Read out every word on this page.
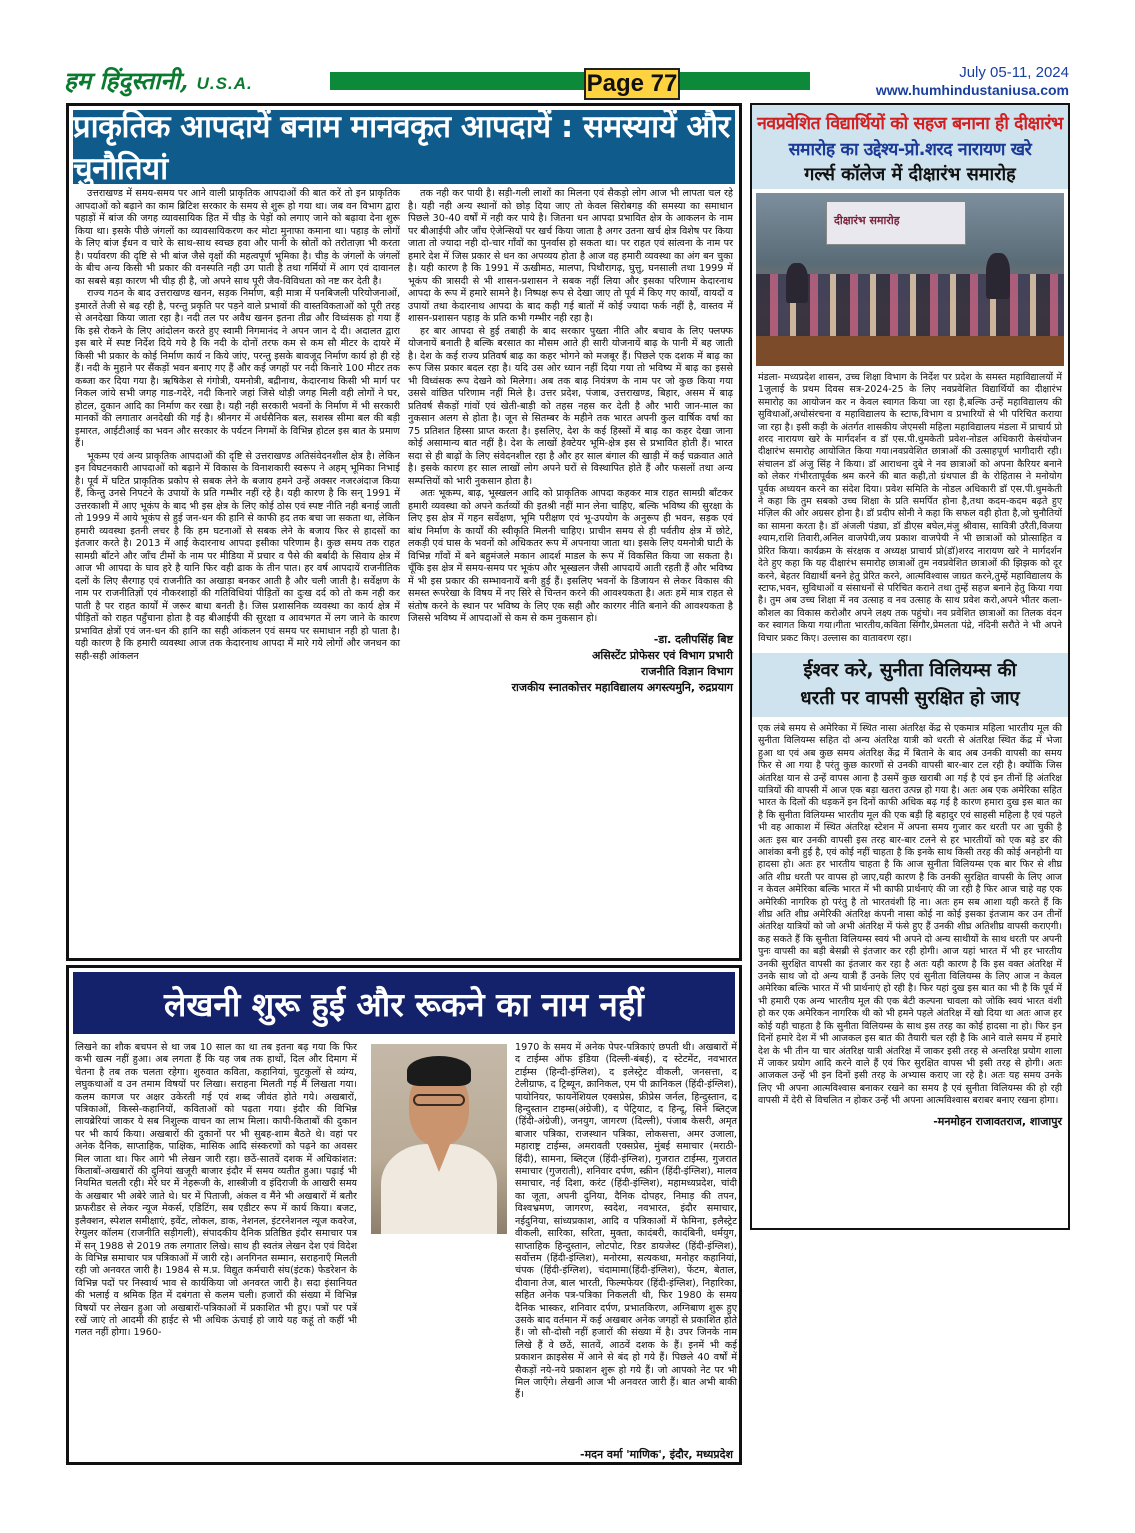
हम हिंदुस्तानी, U.S.A.	Page 77	July 05-11, 2024
www.humhindustaniusa.com
प्राकृतिक आपदायें बनाम मानवकृत आपदायें : समस्यायें और चुनौतियां

उत्तराखण्ड में समय-समय पर आने वाली प्राकृतिक आपदाओं की बात करें तो इन प्राकृतिक आपदाओं को बढ़ाने का काम ब्रिटिश सरकार के समय से शुरू हो गया था। जब वन विभाग द्वारा पहाड़ों में बांज की जगह व्यावसायिक हित में चीड़ के पेड़ों को लगाए जाने को बढ़ावा देना शुरू किया था। इसके पीछे जंगलों का व्यावसायिकरण कर मोटा मुनाफा कमाना था। पहाड़ के लोगों के लिए बांज ईंधन व चारे के साथ-साथ स्वच्छ हवा और पानी के स्रोतों को तरोताज़ा भी करता है। पर्यावरण की दृष्टि से भी बांज जैसे वृक्षों की महत्वपूर्ण भूमिका है। चीड़ के जंगलों के जंगलों के बीच अन्य किसी भी प्रकार की वनस्पति नही उग पाती है तथा गर्मियों में आग एवं दावानल का सबसे बड़ा कारण भी चीड़ ही है, जो अपने साथ पूरी जैव-विविधता को नष्ट कर देती है।

राज्य गठन के बाद उत्तराखण्ड खनन, सड़क निर्माण, बड़ी मात्रा में पनबिजली परियोजनाओं, इमारतें तेजी से बढ़ रही है, परन्तु प्रकृति पर पड़ने वाले प्रभावों की वास्तविकताओं को पूरी तरह से अनदेखा किया जाता रहा है। नदी तल पर अवैध खनन इतना तीव्र और विध्वंसक हो गया हैं कि इसे रोकने के लिए आंदोलन करते हुए स्वामी निगमानंद ने अपन जान दे दी। अदालत द्वारा इस बारे में स्पष्ट निर्देश दिये गये है कि नदी के दोनों तरफ कम से कम सौ मीटर के दायरे में किसी भी प्रकार के कोई निर्माण कार्य न किये जांए, परन्तु इसके बावजूद निर्माण कार्य हो ही रहे हैं। नदी के मुहाने पर सैंकड़ों भवन बनाए गए हैं और कई जगहों पर नदी किनारे 100 मीटर तक कब्जा कर दिया गया है। ऋषिकेश से गंगोत्री, यमनोत्री, बद्रीनाथ, केदारनाथ किसी भी मार्ग पर निकल जांये सभी जगह गाड-गदेरे, नदी किनारे जहां जिसे थोड़ी जगह मिली वही लोगों ने घर, होटल, दुकान आदि का निर्माण कर रखा है। यही नही सरकारी भवनों के निर्माण में भी सरकारी मानकों की लगातार अनदेखी की गई है। श्रीनगर में अर्धसैनिक बल, सशस्त्र सीमा बल की बड़ी इमारत, आईटीआई का भवन और सरकार के पर्यटन निगमों के विभिन्न होटल इस बात के प्रमाण हैं।

भूकम्प एवं अन्य प्राकृतिक आपदाओं की दृष्टि से उत्तराखण्ड अतिसंवेदनशील क्षेत्र है। लेकिन इन विघटनकारी आपदाओं को बढ़ाने में विकास के विनाशकारी स्वरूप ने अहम् भूमिका निभाई है। पूर्व में घटित प्राकृतिक प्रकोप से सबक लेने के बजाय हमने उन्हें अक्सर नजरअंदाज किया हैं, किन्तु उनसे निपटने के उपायों के प्रति गम्भीर नहीं रहे है। यही कारण है कि सन् 1991 में उत्तरकाशी में आए भूकंप के बाद भी इस क्षेत्र के लिए कोई ठोस एवं स्पष्ट नीति नही बनाई जाती तो 1999 में आये भूकंप से हुई जन-धन की हानि से काफी हद तक बचा जा सकता था, लेकिन हमारी व्यवस्था इतनी लचर है कि हम घटनाओं से सबक लेने के बजाय फिर से हादसों का इंतजार करते है। 2013 में आई केदारनाथ आपदा इसीका परिणाम है। कुछ समय तक राहत सामग्री बाँटने और जाँच टीमों के नाम पर मीडिया में प्रचार व पैसे की बर्बादी के सिवाय क्षेत्र में आज भी आपदा के घाव हरे है यानि फिर वही ढाक के तीन पात। हर वर्ष आपदायें राजनीतिक दलों के लिए सैरगाह एवं राजनीति का अखाड़ा बनकर आती है और चली जाती है। सर्वेक्षण के नाम पर राजनीतिज्ञों एवं नौकरशाहों की गतिविधियां पीड़ितों का दुःख दर्द को तो कम नही कर पाती है पर राहत कार्यों में जरूर बाधा बनती है। जिस प्रशासनिक व्यवस्था का कार्य क्षेत्र में पीड़ितों को राहत पहुँचाना होता है वह बीआईपी की सुरक्षा व आवभगत में लग जाने के कारण प्रभावित क्षेत्रों एवं जन-धन की हानि का सही आंकलन एवं समय पर समाधान नही हो पाता है। यही कारण है कि हमारी व्यवस्था आज तक केदारनाथ आपदा में मारे गये लोगों और जनधन का सही-सही आंकलन

तक नही कर पायी है। सड़ी-गली लाशों का मिलना एवं सैकड़ो लोग आज भी लापता चल रहे है। यही नही अन्य स्थानों को छोड़ दिया जाए तो केवल सिरोबगड़ की समस्या का समाधान पिछले 30-40 वर्षों में नही कर पाये है। जितना धन आपदा प्रभावित क्षेत्र के आकलन के नाम पर बीआईपी और जाँच ऐजेन्सियों पर खर्च किया जाता है अगर उतना खर्च क्षेत्र विशेष पर किया जाता तो ज्यादा नही दो-चार गाँवों का पुनर्वास हो सकता था। पर राहत एवं सांत्वना के नाम पर हमारे देश में जिस प्रकार से धन का अपव्यय होता है आज वह हमारी व्यवस्था का अंग बन चुका है। यही कारण है कि 1991 में ऊखीमठ, मालपा, पिथौरागढ़, घुत्तु, घनसाली तथा 1999 में भूकंप की त्रासदी से भी शासन-प्रशासन ने सबक नहीं लिया और इसका परिणाम केदारनाथ आपदा के रूप में हमारे सामने है। निष्पक्ष रूप से देखा जाए तो पूर्व में किए गए कार्यों, वायदों व उपायों तथा केदारनाथ आपदा के बाद कही गई बातों में कोई ज्यादा फर्क नहीं है, वास्तव में शासन-प्रशासन पहाड़ के प्रति कभी गम्भीर नही रहा है।

हर बार आपदा से हुई तबाही के बाद सरकार पुख्ता नीति और बचाव के लिए फ्लफ्फ योजनायें बनाती है बल्कि बरसात का मौसम आते ही सारी योजनायें बाढ़ के पानी में बह जाती है। देश के कई राज्य प्रतिवर्ष बाढ़ का कहर भोगने को मजबूर हैं। पिछले एक दशक में बाढ़ का रूप जिस प्रकार बदल रहा है। यदि उस ओर ध्यान नहीं दिया गया तो भविष्य में बाढ़ का इससे भी विध्वंसक रूप देखने को मिलेगा। अब तक बाढ़ नियंत्रण के नाम पर जो कुछ किया गया उससे वांछित परिणाम नहीं मिले है। उत्तर प्रदेश, पंजाब, उत्तराखण्ड, बिहार, असम में बाढ़ प्रतिवर्ष सैकड़ों गांवों एवं खेती-बाड़ी को तहस नहस कर देती है और भारी जान-माल का नुकसान अलग से होता है। जून से सितम्बर के महीने तक भारत अपनी कुल वार्षिक वर्षा का 75 प्रतिशत हिस्सा प्राप्त करता है। इसलिए, देश के कई हिस्सों में बाढ़ का कहर देखा जाना कोई असामान्य बात नहीं है। देश के लाखों हेक्टेयर भूमि-क्षेत्र इस से प्रभावित होती हैं। भारत सदा से ही बाढ़ों के लिए संवेदनशील रहा है और हर साल बंगाल की खाड़ी में कई चक्रवात आते है। इसके कारण हर साल लाखों लोग अपने घरों से विस्थापित होते हैं और फसलों तथा अन्य सम्पत्तियों को भारी नुकसान होता है।

अतः भूकम्प, बाढ़, भूस्खलन आदि को प्राकृतिक आपदा कहकर मात्र राहत सामग्री बाँटकर हमारी व्यवस्था को अपने कर्तव्यों की इतश्री नहीं मान लेना चाहिए, बल्कि भविष्य की सुरक्षा के लिए इस क्षेत्र में गहन सर्वेक्षण, भूमि परीक्षण एवं भू-उपयोग के अनुरूप ही भवन, सड़क एवं बांध निर्माण के कार्यों की स्वीकृति मिलनी चाहिए। प्राचीन समय से ही पर्वतीय क्षेत्र में छोटे, लकड़ी एवं घास के भवनों को अधिकतर रूप में अपनाया जाता था। इसके लिए यमनोत्री घाटी के विभिन्न गाँवों में बने बहुमंजले मकान आदर्श माडल के रूप में विकसित किया जा सकता है। चूँकि इस क्षेत्र में समय-समय पर भूकंप और भूस्खलन जैसी आपदायें आती रहती हैं और भविष्य में भी इस प्रकार की सम्भावनायें बनी हुई हैं। इसलिए भवनों के डिजायन से लेकर विकास की समस्त रूपरेखा के विषय में नए सिरे से चिन्तन करने की आवश्यकता है। अतः हमें मात्र राहत से संतोष करने के स्थान पर भविष्य के लिए एक सही और कारगर नीति बनाने की आवश्यकता है जिससे भविष्य में आपदाओं से कम से कम नुकसान हो।

-डा. दलीपसिंह बिष्ट
असिस्टेंट प्रोफेसर एवं विभाग प्रभारी
राजनीति विज्ञान विभाग
राजकीय स्नातकोत्तर महाविद्यालय अगस्त्यमुनि, रुद्रप्रयाग
नवप्रवेशित विद्यार्थियों को सहज बनाना ही दीक्षारंभ
समारोह का उद्देश्य-प्रो.शरद नारायण खरे
गर्ल्स कॉलेज में दीक्षारंभ समारोह
दीक्षारंभ समारोह
मंडला- मध्यप्रदेश शासन, उच्च शिक्षा विभाग के निर्देश पर प्रदेश के समस्त महाविद्यालयों में 1जुलाई के प्रथम दिवस सत्र-2024-25 के लिए नवप्रवेशित विद्यार्थियों का दीक्षारंभ समारोह का आयोजन कर न केवल स्वागत किया जा रहा है,बल्कि उन्हें महाविद्यालय की सुविधाओं,अधोसंरचना व महाविद्यालय के स्टाफ,विभाग व प्रभारियों से भी परिचित कराया जा रहा है। इसी कड़ी के अंतर्गत शासकीय जेएमसी महिला महाविद्यालय मंडला में प्राचार्य प्रो शरद नारायण खरे के मार्गदर्शन व डॉ एस.पी.धुमकेती प्रवेश-नोडल अधिकारी केसंयोजन दीक्षारंभ समारोह आयोजित किया गया।नवप्रवेशित छात्राओं की उत्साहपूर्ण भागीदारी रही। संचालन डॉ अंजु सिंह ने किया। डॉ आराधना दुबे ने नव छात्राओं को अपना कैरियर बनाने को लेकर गंभीरतापूर्वक श्रम करने की बात कही,तो ग्रंथपाल डी के रोहितास ने मनोयोग पूर्वक अध्ययन करने का संदेश दिया। प्रवेश समिति के नोडल अधिकारी डॉ एस.पी.धुमकेती ने कहा कि तुम सबको उच्च शिक्षा के प्रति समर्पित होना है,तथा कदम-कदम बढ़ते हुए मंज़िल की ओर अग्रसर होना है। डॉ प्रदीप सोनी ने कहा कि सफल वही होता है,जो चुनौतियों का सामना करता है। डॉ अंजली पंड्या, डॉ डीएस बघेल,मंजु श्रीवास, सावित्री उरैती,विजया श्याम,राशि तिवारी,अनिल वाजपेयी,जय प्रकाश वाजपेयी ने भी छात्राओं को प्रोत्साहित व प्रेरित किया। कार्यक्रम के संरक्षक व अध्यक्ष प्राचार्य प्रो(डॉ)शरद नारायण खरे ने मार्गदर्शन देते हुए कहा कि यह दीक्षारंभ समारोह छात्राओं तुम नवप्रवेशित छात्राओं की झिझक को दूर करने, बेहतर विद्यार्थी बनने हेतु प्रेरित करने, आत्मविश्वास जाग्रत करने,तुम्हें महाविद्यालय के स्टाफ,भवन, सुविधाओं व संसाधनों से परिचित कराने तथा तुम्हें सहज बनाने हेतु किया गया है। तुम अब उच्च शिक्षा में नव उत्साह व नव उत्साह के साथ प्रवेश करो,अपने भीतर कला-कौशल का विकास करोऔर अपने लक्ष्य तक पहुंचो। नव प्रवेशित छात्राओं का तिलक वंदन कर स्वागत किया गया।गीता भारतीय,कविता सिंगौर,प्रेमलता पंद्रे, नंदिनी सरौते ने भी अपने विचार प्रकट किए। उल्लास का वातावरण रहा।
ईश्वर करे, सुनीता विलियम्स की
धरती पर वापसी सुरक्षित हो जाए
एक लंबे समय से अमेरिका में स्थित नासा अंतरिक्ष केंद्र से एकमात्र महिला भारतीय मूल की सुनीता विलियम्स सहित दो अन्य अंतरिक्ष यात्री को धरती से अंतरिक्ष स्थित केंद्र में भेजा हुआ था एवं अब कुछ समय अंतरिक्ष केंद्र में बिताने के बाद अब उनकी वापसी का समय फिर से आ गया है परंतु कुछ कारणों से उनकी वापसी बार-बार टल रही है। क्योंकि जिस अंतरिक्ष यान से उन्हें वापस आना है उसमें कुछ खराबी आ गई है एवं इन तीनों हि अंतरिक्ष यात्रियों की वापसी में आज एक बड़ा खतरा उत्पन्न हो गया है। अतः अब एक अमेरिका सहित भारत के दिलों की धड़कनें इन दिनों काफी अधिक बढ़ गई है कारण हमारा दुख इस बात का है कि सुनीता विलियम्स भारतीय मूल की एक बड़ी हि बहादुर एवं साहसी महिला है एवं पहले भी वह आकाश में स्थित अंतरिक्ष स्टेशन में अपना समय गुजार कर धरती पर आ चुकी है अतः इस बार उनकी वापसी इस तरह बार-बार टलने से हर भारतीयों को एक बड़े डर की आशंका बनी हुई है, एवं कोई नहीं चाहता है कि इनके साथ किसी तरह की कोई अनहोनी या हादसा हो। अतः हर भारतीय चाहता है कि आज सुनीता विलियम्स एक बार फिर से शीघ्र अति शीघ्र धरती पर वापस हो जाए,यही कारण है कि उनकी सुरक्षित वापसी के लिए आज न केवल अमेरिका बल्कि भारत में भी काफी प्रार्थनाएं की जा रही है फिर आज चाहे वह एक अमेरिकी नागरिक हो परंतु है तो भारतवंशी हि ना। अतः हम सब आशा यही करते हैं कि शीघ्र अति शीघ्र अमेरिकी अंतरिक्ष कंपनी नासा कोई ना कोई इसका इंतजाम कर उन तीनों अंतरिक्ष यात्रियों को जो अभी अंतरिक्ष में फंसे हुए हैं उनकी शीघ्र अतिशीघ्र वापसी कराएगी। कह सकते हैं कि सुनीता विलियम्स स्वयं भी अपने दो अन्य साथीयों के साथ धरती पर अपनी पुनः वापसी का बड़ी बेसब्री से इंतजार कर रही होगी। आज यहां भारत में भी हर भारतीय उनकी सुरक्षित वापसी का इंतजार कर रहा है अतः यही कारण है कि इस वक्त अंतरिक्ष में उनके साथ जो दो अन्य यात्री हैं उनके लिए एवं सुनीता विलियम्स के लिए आज न केवल अमेरिका बल्कि भारत में भी प्रार्थनाएं हो रही है। फिर यहां दुख इस बात का भी है कि पूर्व में भी हमारी एक अन्य भारतीय मूल की एक बेटी कल्पना चावला को जोकि स्वयं भारत वंशी हो कर एक अमेरिकन नागरिक थी को भी हमने पहले अंतरिक्ष में खो दिया था अतः आज हर कोई यही चाहता है कि सुनीता विलियम्स के साथ इस तरह का कोई हादसा ना हो। फिर इन दिनों हमारे देश में भी आजकल इस बात की तैयारी चल रही है कि आने वाले समय में हमारे देश के भी तीन या चार अंतरिक्ष यात्री अंतरिक्ष में जाकर इसी तरह से अन्तरिक्ष प्रयोग शाला में जाकर प्रयोग आदि करने वाले हैं एवं फिर सुरक्षित वापस भी इसी तरह से होगी। अतः आजकल उन्हें भी इन दिनों इसी तरह के अभ्यास कराए जा रहे है। अतः यह समय उनके लिए भी अपना आत्मविश्वास बनाकर रखने का समय है एवं सुनीता विलियम्स की हो रही वापसी में देरी से विचलित न होकर उन्हें भी अपना आत्मविश्वास बराबर बनाए रखना होगा।
-मनमोहन राजावतराज, शाजापुर
लेखनी शुरू हुई और रूकने का नाम नहीं
लिखने का शौक बचपन से था जब 10 साल का था तब इतना बढ़ गया कि फिर कभी खत्म नहीं हुआ। अब लगता हैं कि यह जब तक हाथों, दिल और दिमाग में चेतना है तब तक चलता रहेगा। शुरुवात कविता, कहानियां, चुटकुलों से व्यंग्य, लघुकथाओं व उन तमाम विषयों पर लिखा। सराहना मिलती गई मैं लिखता गया। कलम कागज पर अक्षर उकेरती गई एवं शब्द जीवंत होते गये। अखबारों, पत्रिकाओं, किस्से-कहानियों, कविताओं को पढ़ता गया। इंदौर की विभिन्न लायब्रेरियां जाकर ये सब निशुल्क वाचन का लाभ मिला। कापी-किताबों की दुकान पर भी कार्य किया। अखबारों की दुकानों पर भी सुबह-शाम बैठते थे। वहां पर अनेक दैनिक, साप्ताहिक, पाक्षिक, मासिक आदि संस्करणों को पढ़ने का अवसर मिल जाता था। फिर आगे भी लेखन जारी रहा। छठें-सातवें दशक में अधिकांशत: किताबों-अखबारों की दुनियां खजूरी बाजार इंदौर में समय व्यतीत हुआ। पढ़ाई भी नियमित चलती रही। मेरे घर में नेहरूजी के, शास्त्रीजी व इंदिराजी के आखरी समय के अखबार भी अबेरे जाते थे। घर में पिताजी, अंकल व मैंने भी अखबारों में बतौर फ्रफरीडर से लेकर न्यूज मेकर्स, एडिटिंग, सब एडीटर रूप में कार्य किया। बजट, इलैक्शन, स्पेशल समीक्षाएं, इवेंट, लोकल, डाक, नेशनल, इंटरनेशनल न्यूज कवरेज, रेग्युलर कॉलम (राजनीति सड़ीगली), संपादकीय दैनिक प्रतिष्ठित इंदौर समाचार पत्र में सन् 1988 से 2019 तक लगातार लिखे। साथ ही स्वतंत्र लेखन देश एवं विदेश के विभिन्न समाचार पत्र पत्रिकाओं में जारी रहे। अनगिनत सम्मान, सराहनाएँ मिलती रही जो अनवरत जारी है। 1984 से म.प्र. विद्युत कर्मचारी संघ(इंटक) फेडरेशन के विभिन्न पदों पर निस्वार्थ भाव से कार्यकिया जो अनवरत जारी है। सदा इंसानियत की भलाई व श्रमिक हित में दबंगता से कलम चली। हजारों की संख्या में विभिन्न विषयों पर लेखन हुआ जो अखबारों-पत्रिकाओं में प्रकाशित भी हुए। पत्रों पर पत्रें रखें जाएं तो आदमी की हाईट से भी अधिक ऊंचाई हो जाये यह कहूं तो कहीं भी गलत नहीं होगा। 1960-
1970 के समय में अनेक पेपर-पत्रिकाएं छपती थी। अखबारों में द टाईम्स ऑफ इंडिया (दिल्ली-बंबई), द स्टेटमेंट, नवभारत टाईम्स (हिन्दी-इंग्लिश), द इलेस्ट्रेट वीकली, जनसत्ता, द टेलीग्राफ, द ट्रिब्यून, क्रानिकल, एम पी क्रानिकल (हिंदी-इंग्लिश), पायोनियर, फायनेंशियल एक्सप्रेस, फ्रीप्रेस जर्नल, हिन्दुस्तान, द हिन्दुस्तान टाइम्स(अंग्रेजी), द पेट्रियाट, द हिन्दू, सिने ब्लिट्ज (हिंदी-अंग्रेजी), जनयुग, जागरण (दिल्ली), पंजाब केसरी, अमृत बाजार पत्रिका, राजस्थान पत्रिका, लोकसत्ता, अमर उजाला, महाराष्ट्र टाईम्स, अमरावती एक्सप्रेस, मुंबई समाचार (मराठी-हिंदी), सामना, ब्लिट्ज (हिंदी-इंग्लिश), गुजरात टाईम्स, गुजरात समाचार (गुजराती), शनिवार दर्पण, स्क्रीन (हिंदी-इंग्लिश), मालव समाचार, नई दिशा, करंट (हिंदी-इंग्लिश), महामध्यप्रदेश, चांदी का जूता, अपनी दुनिया, दैनिक दोपहर, निमाड़ की तपन, विश्वभ्रमण, जागरण, स्वदेश, नवभारत, इंदौर समाचार, नईदुनिया, सांध्यप्रकाश, आदि व पत्रिकाओं में फेमिना, इलैस्ट्रेट वीकली, सारिका, सरिता, मुक्ता, कादंबरी, कादंबिनी, धर्मयुग, साप्ताहिक हिन्दुस्तान, लोटपोट, रिडर डायजेस्ट (हिंदी-इंग्लिश), सर्वोत्तम (हिंदी-इंग्लिश), मनोरमा, सत्यकथा, मनोहर कहानियां, चंपक (हिंदी-इंग्लिश), चंदामामा(हिंदी-इंग्लिश), फेंटम, बेताल, दीवाना तेज, बाल भारती, फिल्मफेयर (हिंदी-इंग्लिश), निहारिका, सहित अनेक पत्र-पत्रिका निकलती थी, फिर 1980 के समय दैनिक भास्कर, शनिवार दर्पण, प्रभातकिरण, अग्निबाण शुरू हुए उसके बाद वर्तमान में कई अखबार अनेक जगहों से प्रकाशित होते हैं। जो सौ-दोसौ नहीं हजारों की संख्या में है। उपर जिनके नाम लिखे हैं वे छठें, सातवें, आठवें दशक के हैं। इनमें भी कई प्रकाशन क्राइसेस में आने से बंद हो गये हैं। पिछले 40 वर्षों में सैकड़ों नये-नये प्रकाशन शुरू हो गये हैं। जो आपको नेट पर भी मिल जाएँगे। लेखनी आज भी अनवरत जारी हैं। बात अभी बाकी हैं।
-मदन वर्मा 'माणिक', इंदौर, मध्यप्रदेश
